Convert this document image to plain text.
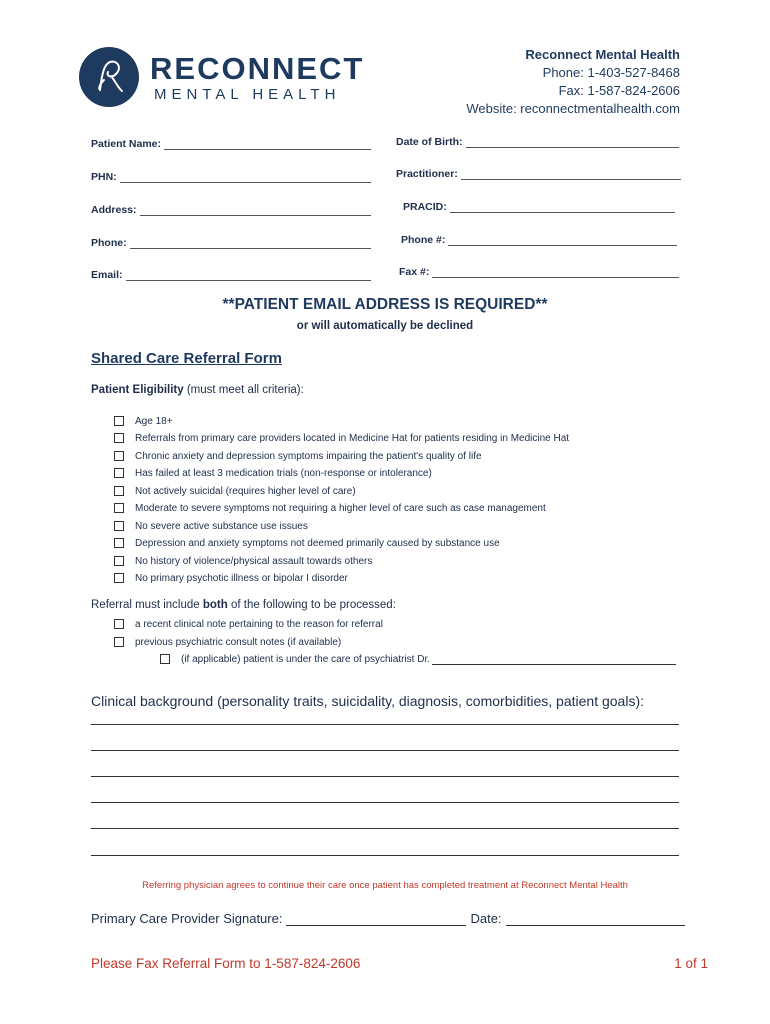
RECONNECT
MENTAL HEALTH
Reconnect Mental Health
Phone: 1-403-527-8468
Fax: 1-587-824-2606
Website: reconnectmentalhealth.com
Patient Name:
PHN:
Address:
Phone:
Email:
Date of Birth:
Practitioner:
PRACID:
Phone #:
Fax #:
**PATIENT EMAIL ADDRESS IS REQUIRED**
or will automatically be declined
Shared Care Referral Form
Patient Eligibility (must meet all criteria):
Age 18+
Referrals from primary care providers located in Medicine Hat for patients residing in Medicine Hat
Chronic anxiety and depression symptoms impairing the patient's quality of life
Has failed at least 3 medication trials (non-response or intolerance)
Not actively suicidal (requires higher level of care)
Moderate to severe symptoms not requiring a higher level of care such as case management
No severe active substance use issues
Depression and anxiety symptoms not deemed primarily caused by substance use
No history of violence/physical assault towards others
No primary psychotic illness or bipolar I disorder
Referral must include both of the following to be processed:
a recent clinical note pertaining to the reason for referral
previous psychiatric consult notes (if available)
(if applicable) patient is under the care of psychiatrist Dr.
Clinical background (personality traits, suicidality, diagnosis, comorbidities, patient goals):
Referring physician agrees to continue their care once patient has completed treatment at Reconnect Mental Health
Primary Care Provider Signature:	Date:
Please Fax Referral Form to 1-587-824-2606	1 of 1
